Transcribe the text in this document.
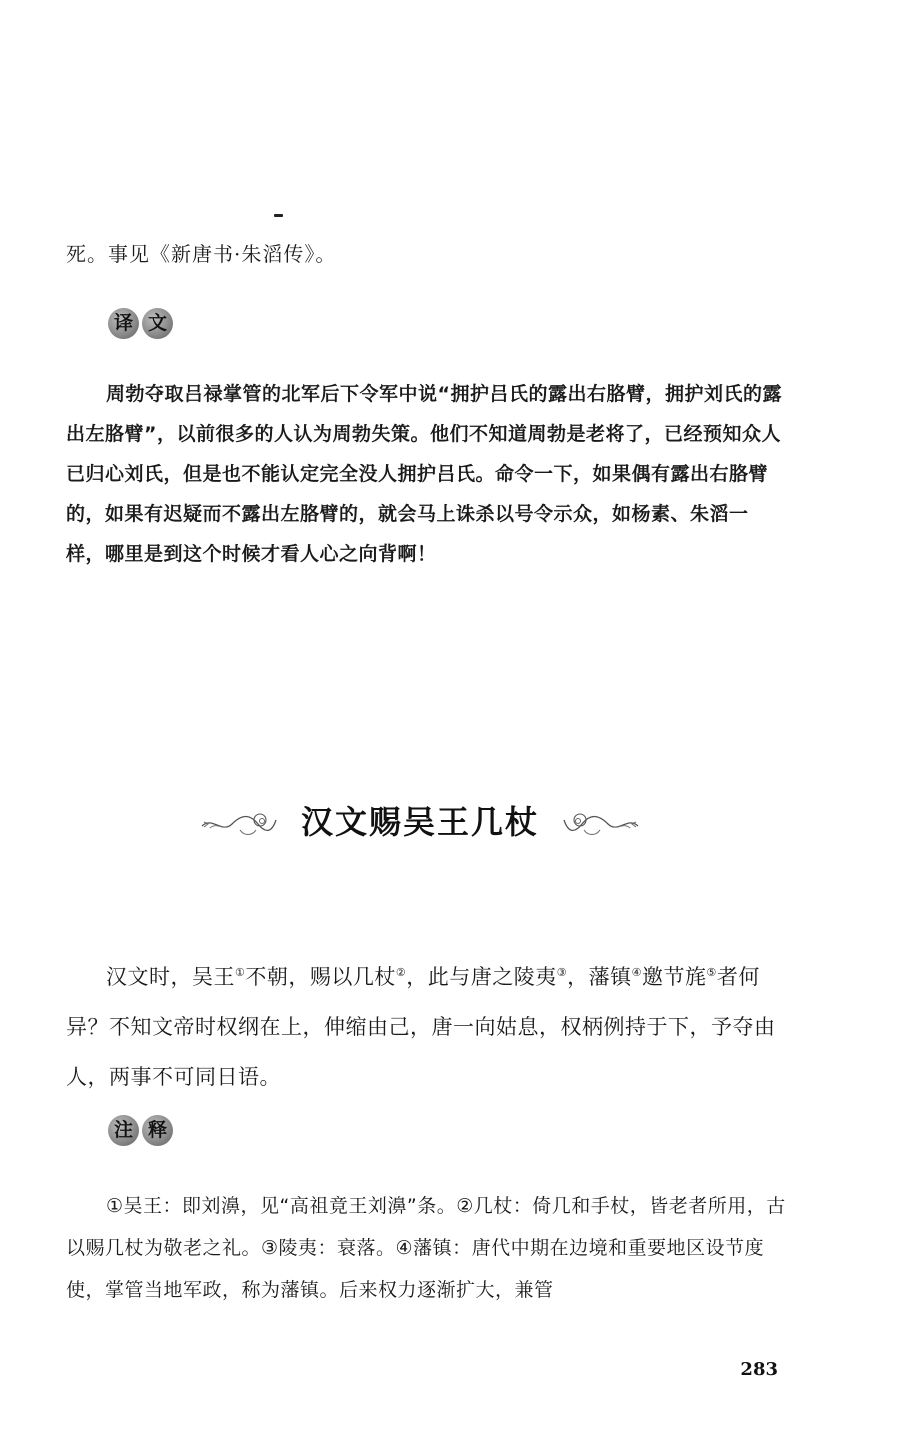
死。事见《新唐书·朱滔传》。

译 文

周勃夺取吕禄掌管的北军后下令军中说“拥护吕氏的露出右胳臂，拥护刘氏的露出左胳臂”，以前很多的人认为周勃失策。他们不知道周勃是老将了，已经预知众人已归心刘氏，但是也不能认定完全没人拥护吕氏。命令一下，如果偶有露出右胳臂的，如果有迟疑而不露出左胳臂的，就会马上诛杀以号令示众，如杨素、朱滔一样，哪里是到这个时候才看人心之向背啊！

汉文赐吴王几杖

汉文时，吴王①不朝，赐以几杖②，此与唐之陵夷③，藩镇④邀节旄⑤者何异？不知文帝时权纲在上，伸缩由己，唐一向姑息，权柄例持于下，予夺由人，两事不可同日语。

注 释

①吴王：即刘濞，见“高祖竟王刘濞”条。②几杖：倚几和手杖，皆老者所用，古以赐几杖为敬老之礼。③陵夷：衰落。④藩镇：唐代中期在边境和重要地区设节度使，掌管当地军政，称为藩镇。后来权力逐渐扩大，兼管

283
